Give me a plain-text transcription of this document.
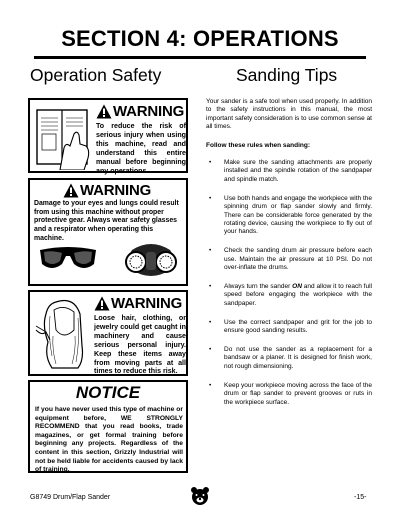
SECTION 4: OPERATIONS
Operation Safety	Sanding Tips
WARNING
To reduce the risk of serious injury when using this machine, read and understand this entire manual before beginning any operations.
WARNING
Damage to your eyes and lungs could result from using this machine without proper protective gear. Always wear safety glasses and a respirator when operating this machine.
WARNING
Loose hair, clothing, or jewelry could get caught in machinery and cause serious personal injury. Keep these items away from moving parts at all times to reduce this risk.
NOTICE
If you have never used this type of machine or equipment before, WE STRONGLY RECOMMEND that you read books, trade magazines, or get formal training before beginning any projects. Regardless of the content in this section, Grizzly Industrial will not be held liable for accidents caused by lack of training.

Your sander is a safe tool when used properly. In addition to the safety instructions in this manual, the most important safety consideration is to use common sense at all times.

Follow these rules when sanding:

• Make sure the sanding attachments are properly installed and the spindle rotation of the sandpaper and spindle match.
• Use both hands and engage the workpiece with the spinning drum or flap sander slowly and firmly. There can be considerable force generated by the rotating device, causing the workpiece to fly out of your hands.
• Check the sanding drum air pressure before each use. Maintain the air pressure at 10 PSI. Do not over-inflate the drums.
• Always turn the sander ON and allow it to reach full speed before engaging the workpiece with the sandpaper.
• Use the correct sandpaper and grit for the job to ensure good sanding results.
• Do not use the sander as a replacement for a bandsaw or a planer. It is designed for finish work, not rough dimensioning.
• Keep your workpiece moving across the face of the drum or flap sander to prevent grooves or ruts in the workpiece surface.
G8749 Drum/Flap Sander	-15-
